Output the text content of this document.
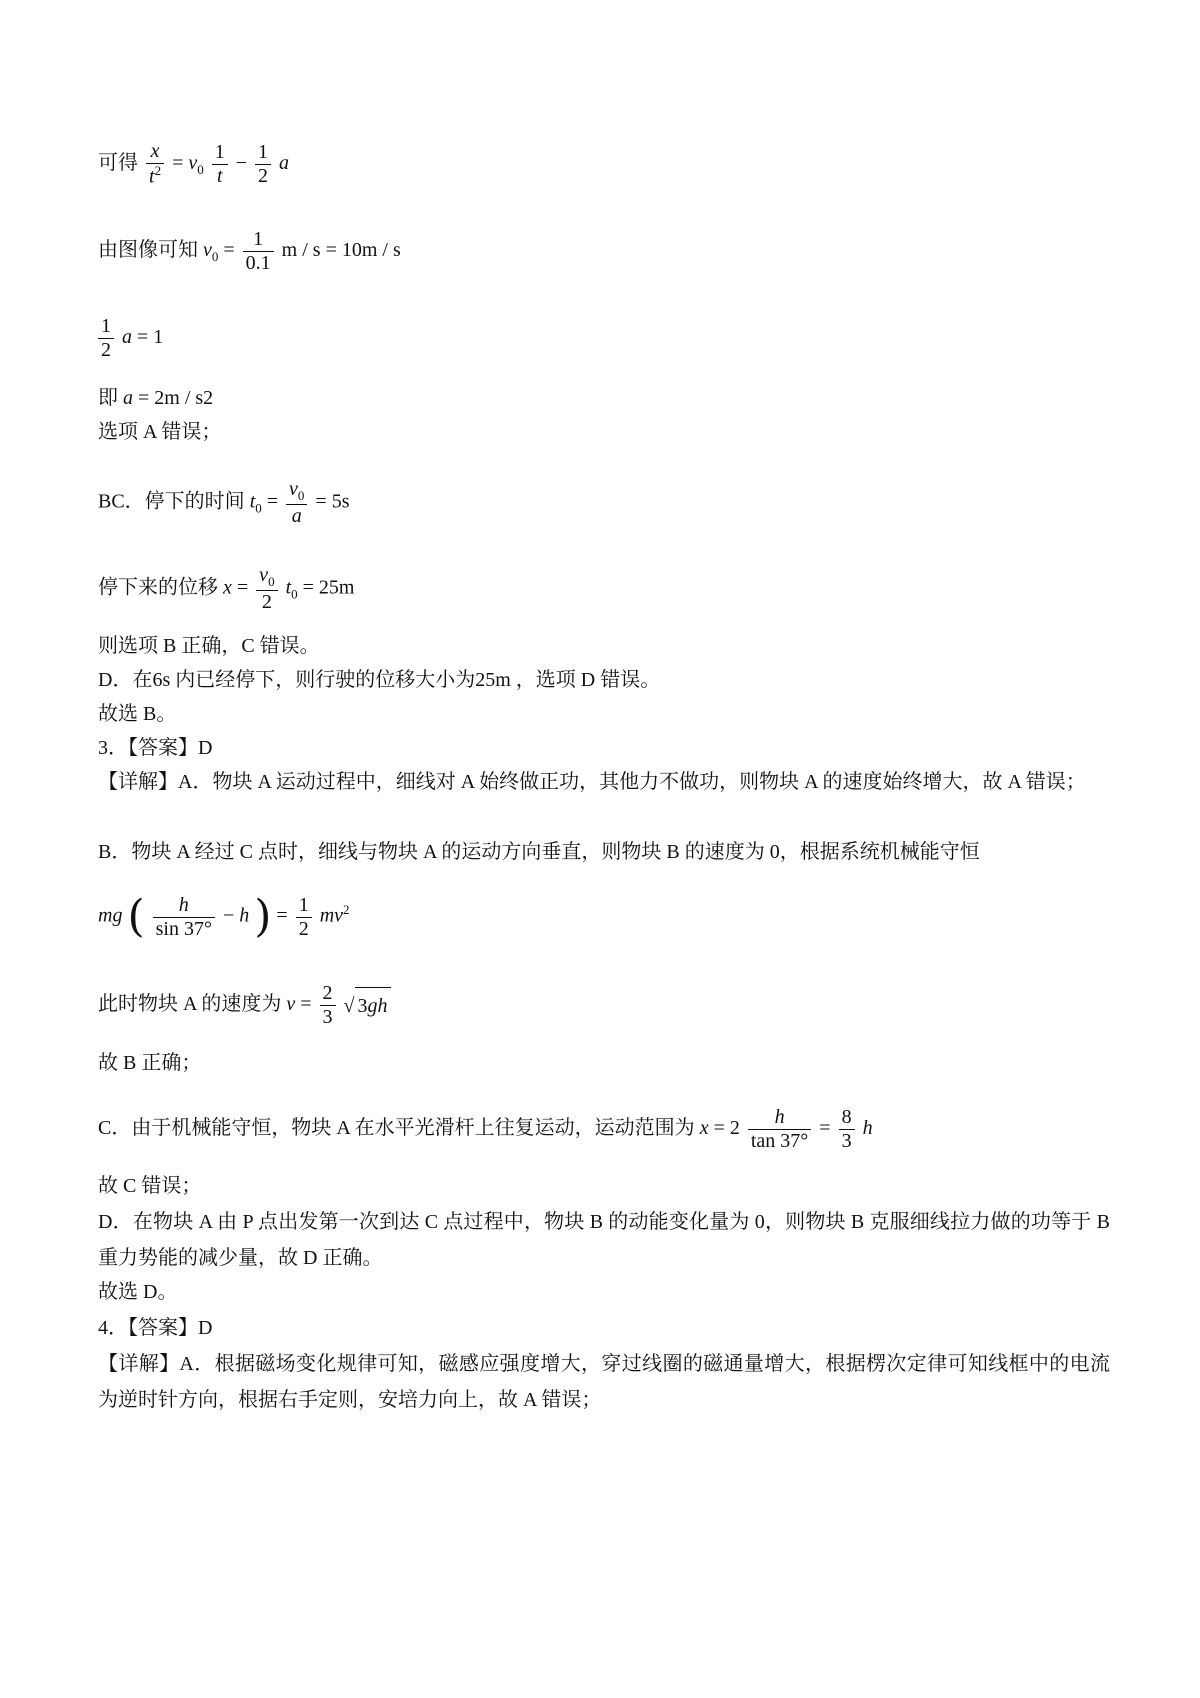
可得 $\frac{x}{t^2} = v_0 \frac{1}{t} - \frac{1}{2}$ a
由图像可知 $v_0 = \frac{1}{0.1}$ m / s = 10m / s
$\frac{1}{2}$ a = 1
即 a = 2m / s2
选项 A 错误；
BC．停下的时间 $t_0 = \frac{v_0}{a} = 5s$
停下来的位移 $x = \frac{v_0}{2} t_0 = 25m$
则选项 B 正确，C 错误。
D．在6s 内已经停下，则行驶的位移大小为25m ，选项 D 错误。
故选 B。
3．【答案】D
【详解】A．物块 A 运动过程中，细线对 A 始终做正功，其他力不做功，则物块 A 的速度始终增大，故 A 错误；
B．物块 A 经过 C 点时，细线与物块 A 的运动方向垂直，则物块 B 的速度为 0，根据系统机械能守恒
mg ( $\frac{h}{\sin 37^\circ} - h$ ) = $\frac{1}{2} mv^2$
此时物块 A 的速度为 $v = \frac{2}{3}$ √ 3gh
故 B 正确；
C．由于机械能守恒，物块 A 在水平光滑杆上往复运动，运动范围为 $x = 2 \frac{h}{\tan 37^\circ} = \frac{8}{3}$ h
故 C 错误；
D．在物块 A 由 P 点出发第一次到达 C 点过程中，物块 B 的动能变化量为 0，则物块 B 克服细线拉力做的功等于 B 重力势能的减少量，故 D 正确。
故选 D。
4．【答案】D
【详解】A．根据磁场变化规律可知，磁感应强度增大，穿过线圈的磁通量增大，根据楞次定律可知线框中的电流为逆时针方向，根据右手定则，安培力向上，故 A 错误；
